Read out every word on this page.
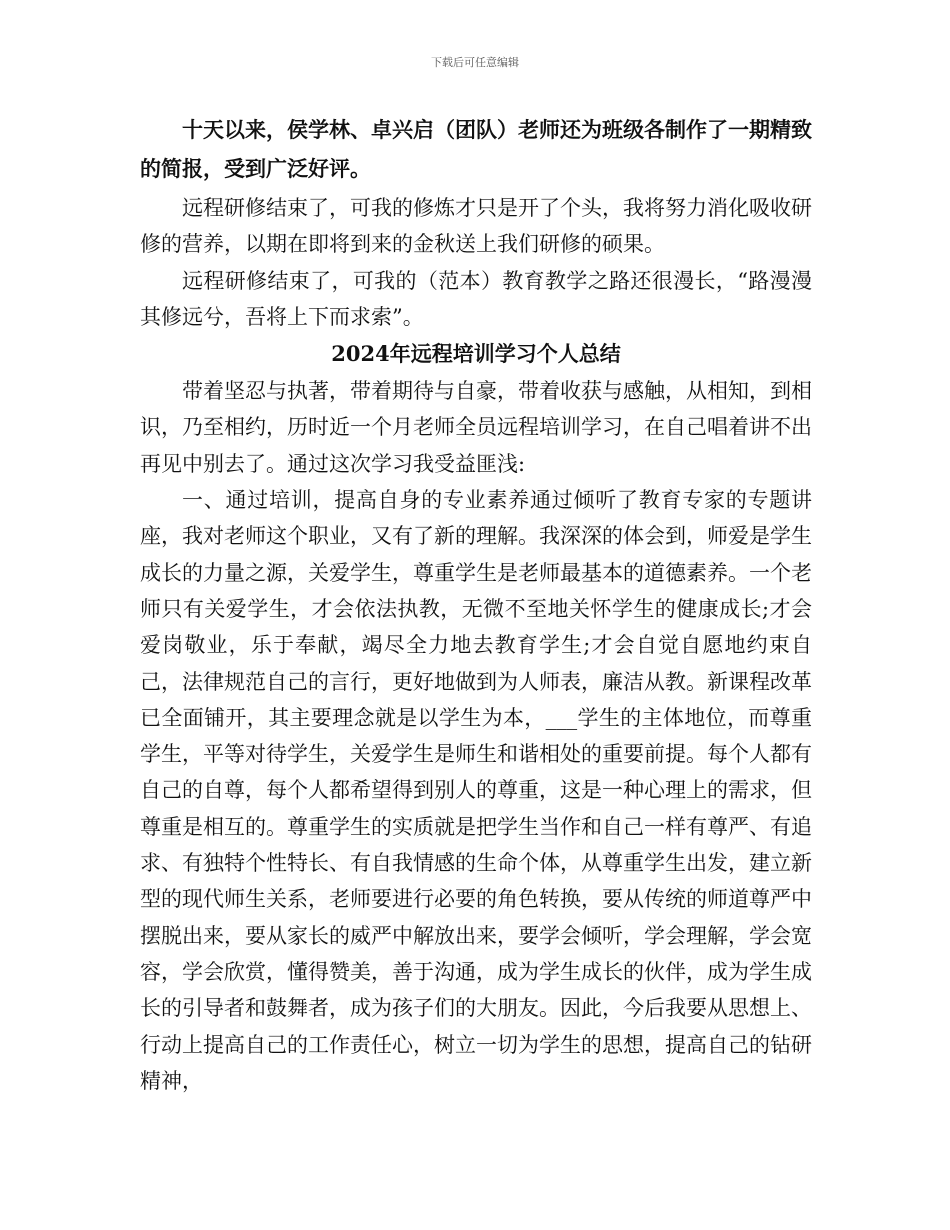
下载后可任意编辑

十天以来，侯学林、卓兴启（团队）老师还为班级各制作了一期精致的简报，受到广泛好评。

远程研修结束了，可我的修炼才只是开了个头，我将努力消化吸收研修的营养，以期在即将到来的金秋送上我们研修的硕果。

远程研修结束了，可我的（范本）教育教学之路还很漫长，“路漫漫其修远兮，吾将上下而求索”。

2024年远程培训学习个人总结

带着坚忍与执著，带着期待与自豪，带着收获与感触，从相知，到相识，乃至相约，历时近一个月老师全员远程培训学习，在自己唱着讲不出再见中别去了。通过这次学习我受益匪浅:

一、通过培训，提高自身的专业素养通过倾听了教育专家的专题讲座，我对老师这个职业，又有了新的理解。我深深的体会到，师爱是学生成长的力量之源，关爱学生，尊重学生是老师最基本的道德素养。一个老师只有关爱学生，才会依法执教，无微不至地关怀学生的健康成长;才会爱岗敬业，乐于奉献，竭尽全力地去教育学生;才会自觉自愿地约束自己，法律规范自己的言行，更好地做到为人师表，廉洁从教。新课程改革已全面铺开，其主要理念就是以学生为本，___学生的主体地位，而尊重学生，平等对待学生，关爱学生是师生和谐相处的重要前提。每个人都有自己的自尊，每个人都希望得到别人的尊重，这是一种心理上的需求，但尊重是相互的。尊重学生的实质就是把学生当作和自己一样有尊严、有追求、有独特个性特长、有自我情感的生命个体，从尊重学生出发，建立新型的现代师生关系，老师要进行必要的角色转换，要从传统的师道尊严中摆脱出来，要从家长的威严中解放出来，要学会倾听，学会理解，学会宽容，学会欣赏，懂得赞美，善于沟通，成为学生成长的伙伴，成为学生成长的引导者和鼓舞者，成为孩子们的大朋友。因此，今后我要从思想上、行动上提高自己的工作责任心，树立一切为学生的思想，提高自己的钻研精神，
